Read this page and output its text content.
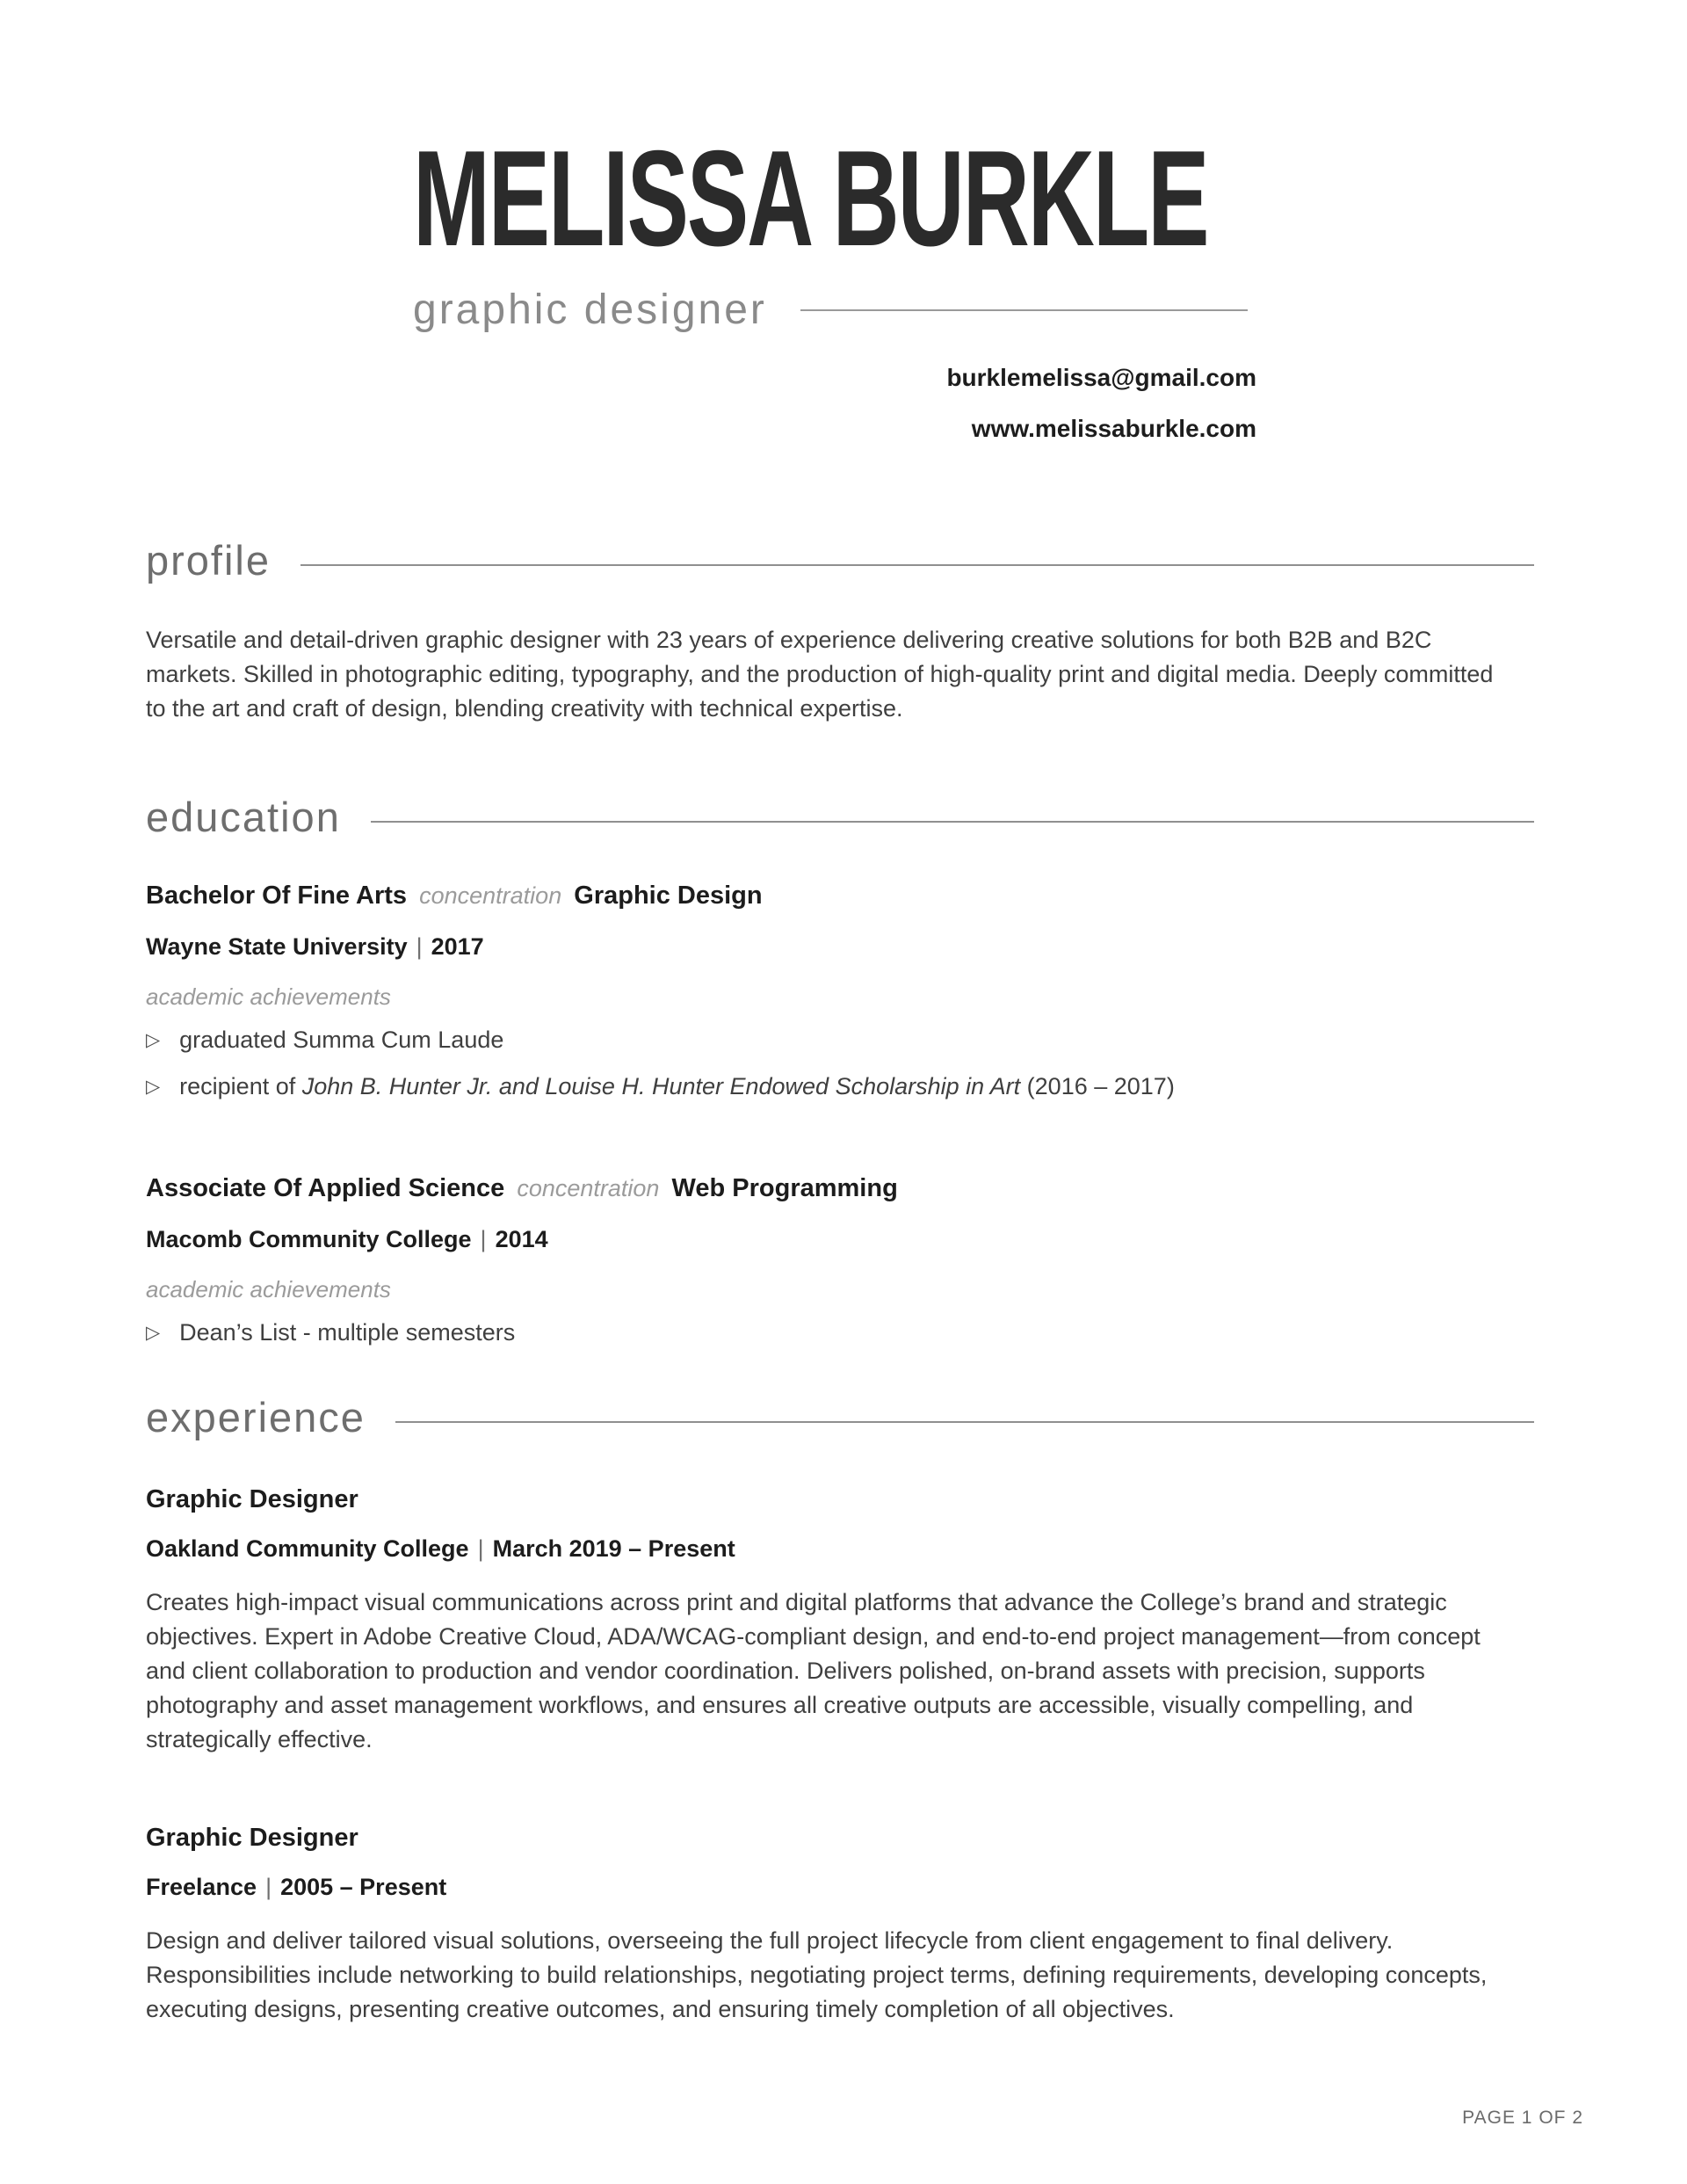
MELISSA BURKLE
graphic designer
burklemelissa@gmail.com
www.melissaburkle.com
profile

Versatile and detail-driven graphic designer with 23 years of experience delivering creative solutions for both B2B and B2C markets. Skilled in photographic editing, typography, and the production of high-quality print and digital media. Deeply committed to the art and craft of design, blending creativity with technical expertise.

education
Bachelor Of Fine Arts concentration Graphic Design
Wayne State University | 2017
academic achievements
▷ graduated Summa Cum Laude
▷ recipient of John B. Hunter Jr. and Louise H. Hunter Endowed Scholarship in Art (2016 – 2017)
Associate Of Applied Science concentration Web Programming
Macomb Community College | 2014
academic achievements
▷ Dean’s List - multiple semesters
experience
Graphic Designer
Oakland Community College | March 2019 – Present

Creates high-impact visual communications across print and digital platforms that advance the College’s brand and strategic objectives. Expert in Adobe Creative Cloud, ADA/WCAG-compliant design, and end-to-end project management—from concept and client collaboration to production and vendor coordination. Delivers polished, on-brand assets with precision, supports photography and asset management workflows, and ensures all creative outputs are accessible, visually compelling, and strategically effective.

Graphic Designer
Freelance | 2005 – Present

Design and deliver tailored visual solutions, overseeing the full project lifecycle from client engagement to final delivery. Responsibilities include networking to build relationships, negotiating project terms, defining requirements, developing concepts, executing designs, presenting creative outcomes, and ensuring timely completion of all objectives.

PAGE 1 OF 2
